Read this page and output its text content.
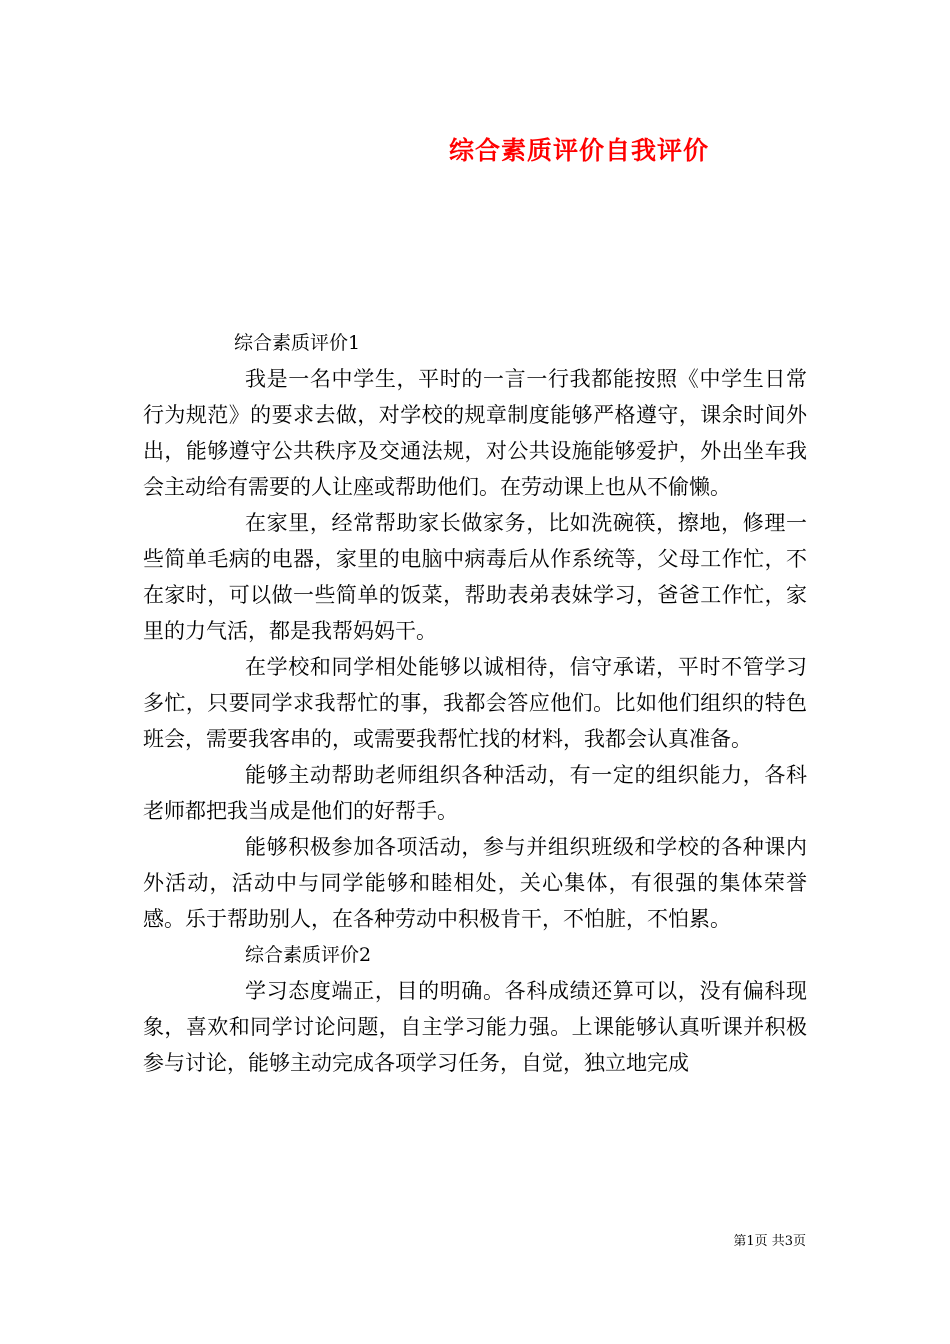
综合素质评价自我评价

综合素质评价1

我是一名中学生，平时的一言一行我都能按照《中学生日常行为规范》的要求去做，对学校的规章制度能够严格遵守，课余时间外出，能够遵守公共秩序及交通法规，对公共设施能够爱护，外出坐车我会主动给有需要的人让座或帮助他们。在劳动课上也从不偷懒。

在家里，经常帮助家长做家务，比如洗碗筷，擦地，修理一些简单毛病的电器，家里的电脑中病毒后从作系统等，父母工作忙，不在家时，可以做一些简单的饭菜，帮助表弟表妹学习，爸爸工作忙，家里的力气活，都是我帮妈妈干。

在学校和同学相处能够以诚相待，信守承诺，平时不管学习多忙，只要同学求我帮忙的事，我都会答应他们。比如他们组织的特色班会，需要我客串的，或需要我帮忙找的材料，我都会认真准备。

能够主动帮助老师组织各种活动，有一定的组织能力，各科老师都把我当成是他们的好帮手。

能够积极参加各项活动，参与并组织班级和学校的各种课内外活动，活动中与同学能够和睦相处，关心集体，有很强的集体荣誉感。乐于帮助别人，在各种劳动中积极肯干，不怕脏，不怕累。

综合素质评价2

学习态度端正，目的明确。各科成绩还算可以，没有偏科现象，喜欢和同学讨论问题，自主学习能力强。上课能够认真听课并积极参与讨论，能够主动完成各项学习任务，自觉，独立地完成

第1页 共3页
